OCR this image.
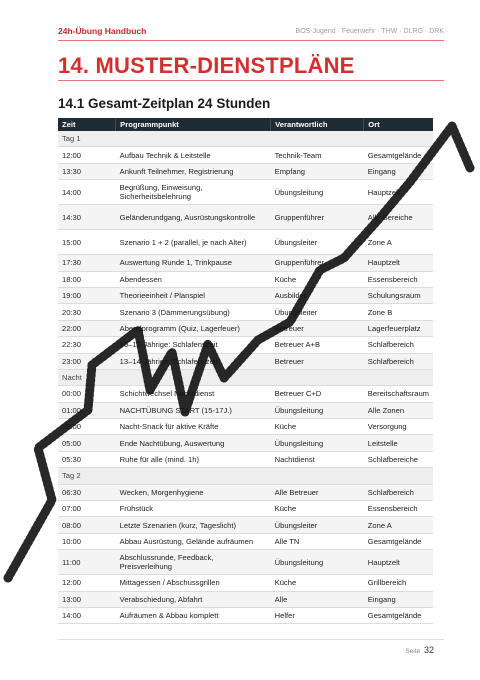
24h-Übung Handbuch	BOS-Jugend · Feuerwehr · THW · DLRG · DRK
14. MUSTER-DIENSTPLÄNE
14.1 Gesamt-Zeitplan 24 Stunden
Zeit	Programmpunkt	Verantwortlich	Ort
Tag 1			
12:00	Aufbau Technik & Leitstelle	Technik-Team	Gesamtgelände
13:30	Ankunft Teilnehmer, Registrierung	Empfang	Eingang
14:00	Begrüßung, Einweisung, Sicherheitsbelehrung	Übungsleitung	Hauptzelt
14:30	Geländerundgang, Ausrüstungskontrolle	Gruppenführer	Alle Bereiche
15:00	Szenario 1 + 2 (parallel, je nach Alter)	Übungsleiter	Zone A
17:30	Auswertung Runde 1, Trinkpause	Gruppenführer	Hauptzelt
18:00	Abendessen	Küche	Essensbereich
19:00	Theorieeinheit / Planspiel	Ausbilder	Schulungsraum
20:30	Szenario 3 (Dämmerungsübung)	Übungsleiter	Zone B
22:00	Abendprogramm (Quiz, Lagerfeuer)	Betreuer	Lagerfeuerplatz
22:30	10–12-Jährige: Schlafenszeit	Betreuer A+B	Schlafbereich
23:00	13–14-Jährige: Schlafenszeit	Betreuer	Schlafbereich
Nacht			
00:00	Schichtwechsel Nachtdienst	Betreuer C+D	Bereitschaftsraum
01:00	NACHTÜBUNG START (15-17J.)	Übungsleitung	Alle Zonen
03:00	Nacht-Snack für aktive Kräfte	Küche	Versorgung
05:00	Ende Nachtübung, Auswertung	Übungsleitung	Leitstelle
05:30	Ruhe für alle (mind. 1h)	Nachtdienst	Schlafbereiche
Tag 2			
06:30	Wecken, Morgenhygiene	Alle Betreuer	Schlafbereich
07:00	Frühstück	Küche	Essensbereich
08:00	Letzte Szenarien (kurz, Tageslicht)	Übungsleiter	Zone A
10:00	Abbau Ausrüstung, Gelände aufräumen	Alle TN	Gesamtgelände
11:00	Abschlussrunde, Feedback, Preisverleihung	Übungsleitung	Hauptzelt
12:00	Mittagessen / Abschussgrillen	Küche	Grillbereich
13:00	Verabschiedung, Abfahrt	Alle	Eingang
14:00	Aufräumen & Abbau komplett	Helfer	Gesamtgelände
Seite 32
